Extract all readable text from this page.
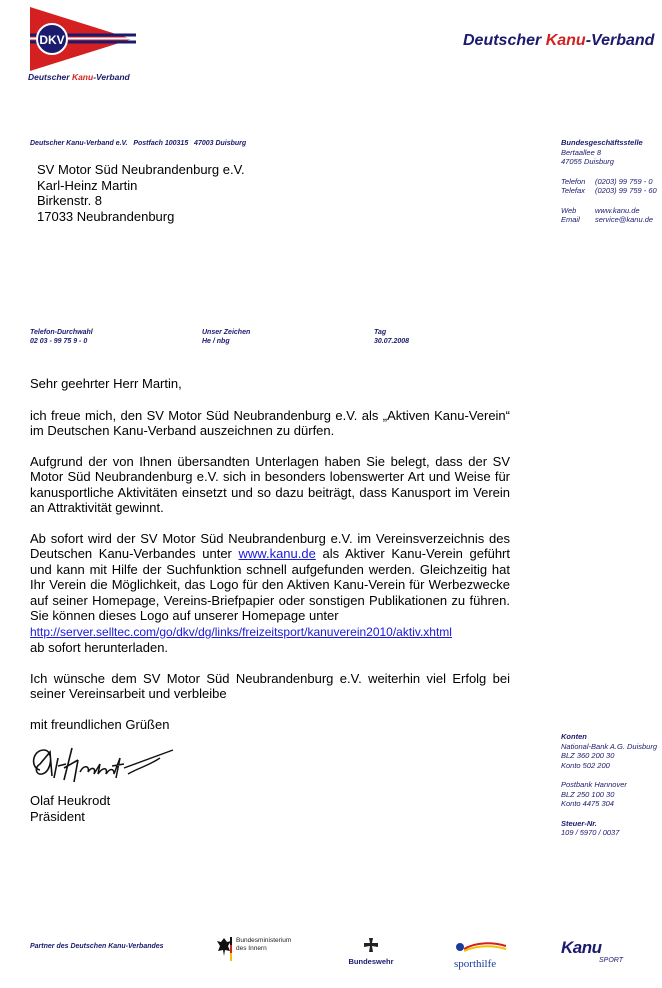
DKV
Deutscher Kanu-Verband
Deutscher Kanu-Verband
Deutscher Kanu-Verband e.V.   Postfach 100315   47003 Duisburg	Bundesgeschäftsstelle
Bertaallee 8
47055 Duisburg
Telefon	(0203) 99 759 - 0
Telefax	(0203) 99 759 - 60
Web	www.kanu.de
Email	service@kanu.de
SV Motor Süd Neubrandenburg e.V.
Karl-Heinz Martin
Birkenstr. 8
17033 Neubrandenburg
Telefon-Durchwahl
02 03 - 99 75 9 - 0
Unser Zeichen
He / nbg
Tag
30.07.2008
Sehr geehrter Herr Martin,
ich freue mich, den SV Motor Süd Neubrandenburg e.V. als „Aktiven Kanu-Verein“ im Deutschen Kanu-Verband auszeichnen zu dürfen.
Aufgrund der von Ihnen übersandten Unterlagen haben Sie belegt, dass der SV Motor Süd Neubrandenburg e.V. sich in besonders lobenswerter Art und Weise für kanusportliche Aktivitäten einsetzt und so dazu beiträgt, dass Kanusport im Verein an Attraktivität gewinnt.
Ab sofort wird der SV Motor Süd Neubrandenburg e.V. im Vereinsverzeichnis des Deutschen Kanu-Verbandes unter www.kanu.de als Aktiver Kanu-Verein geführt und kann mit Hilfe der Suchfunktion schnell aufgefunden werden. Gleichzeitig hat Ihr Verein die Möglichkeit, das Logo für den Aktiven Kanu-Verein für Werbezwecke auf seiner Homepage, Vereins-Briefpapier oder sonstigen Publikationen zu führen. Sie können dieses Logo auf unserer Homepage unter
http://server.selltec.com/go/dkv/dg/links/freizeitsport/kanuverein2010/aktiv.xhtml
ab sofort herunterladen.
Ich wünsche dem SV Motor Süd Neubrandenburg e.V. weiterhin viel Erfolg bei seiner Vereinsarbeit und verbleibe
mit freundlichen Grüßen
Olaf Heukrodt
Präsident
Konten
National-Bank A.G. Duisburg
BLZ 360 200 30
Konto 502 200
Postbank Hannover
BLZ 250 100 30
Konto 4475 304
Steuer-Nr.
109 / 5970 / 0037
Partner des Deutschen Kanu-Verbandes
Bundesministerium
des Innern
Bundeswehr	sporthilfe
Kanu
SPORT
